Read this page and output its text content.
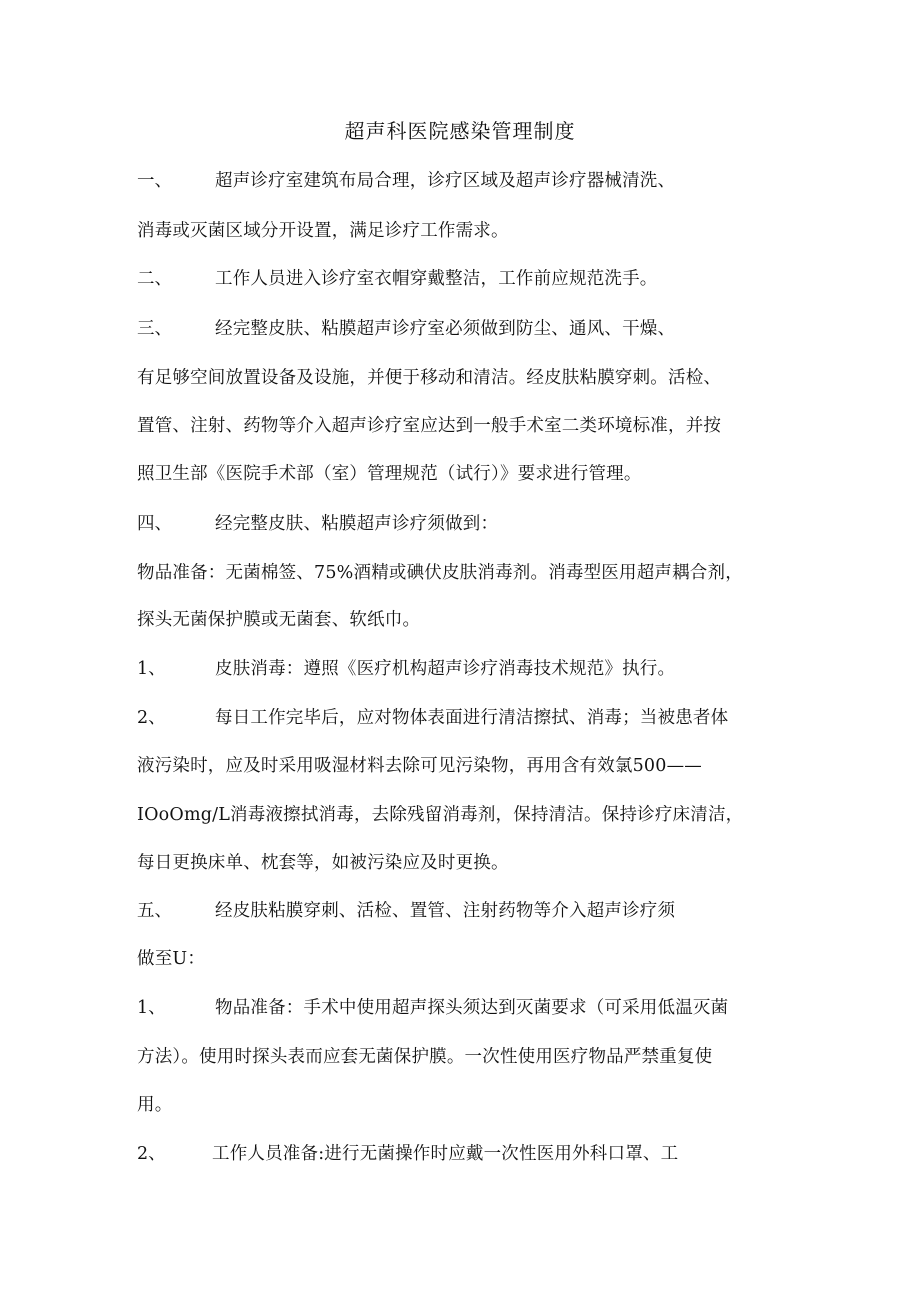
超声科医院感染管理制度
一、 超声诊疗室建筑布局合理，诊疗区域及超声诊疗器械清洗、
消毒或灭菌区域分开设置，满足诊疗工作需求。
二、 工作人员进入诊疗室衣帽穿戴整洁，工作前应规范洗手。
三、 经完整皮肤、粘膜超声诊疗室必须做到防尘、通风、干燥、
有足够空间放置设备及设施，并便于移动和清洁。经皮肤粘膜穿刺。活检、
置管、注射、药物等介入超声诊疗室应达到一般手术室二类环境标准，并按
照卫生部《医院手术部（室）管理规范（试行）》要求进行管理。
四、 经完整皮肤、粘膜超声诊疗须做到：
物品准备：无菌棉签、75%酒精或碘伏皮肤消毒剂。消毒型医用超声耦合剂，
探头无菌保护膜或无菌套、软纸巾。
1、	皮肤消毒：遵照《医疗机构超声诊疗消毒技术规范》执行。
2、	每日工作完毕后，应对物体表面进行清洁擦拭、消毒；当被患者体
液污染时，应及时采用吸湿材料去除可见污染物，再用含有效氯500——
IOoOmg/L消毒液擦拭消毒，去除残留消毒剂，保持清洁。保持诊疗床清洁，
每日更换床单、枕套等，如被污染应及时更换。
五、 经皮肤粘膜穿刺、活检、置管、注射药物等介入超声诊疗须
做至U：
1、	物品准备：手术中使用超声探头须达到灭菌要求（可采用低温灭菌
方法）。使用时探头表而应套无菌保护膜。一次性使用医疗物品严禁重复使
用。
2、	工作人员准备:进行无菌操作时应戴一次性医用外科口罩、工
